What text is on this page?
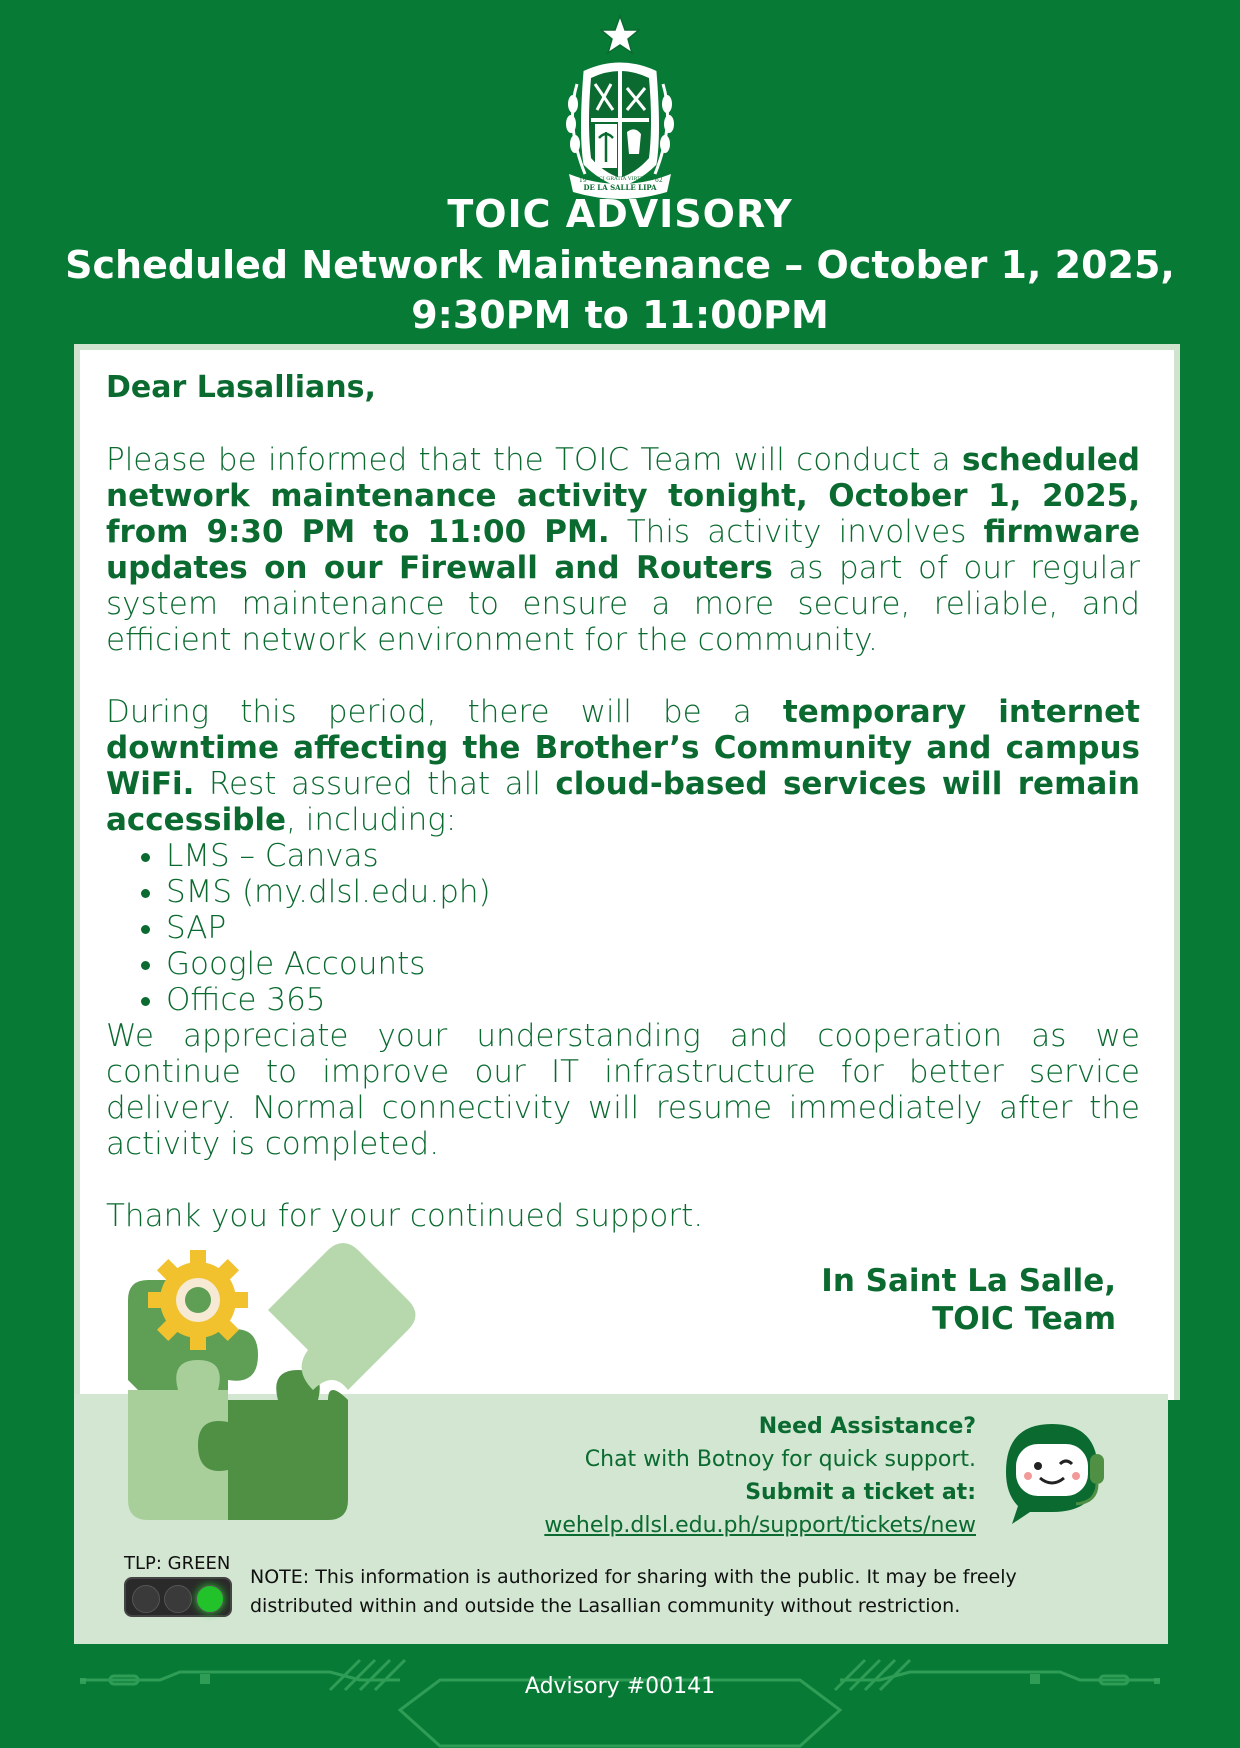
DE LA SALLE LIPA
INDICI GRATIA VIRTUTIS
19	62
TOIC ADVISORY
Scheduled Network Maintenance – October 1, 2025,
9:30PM to 11:00PM

Dear Lasallians,

Please be informed that the TOIC Team will conduct a scheduled network maintenance activity tonight, October 1, 2025, from 9:30 PM to 11:00 PM. This activity involves firmware updates on our Firewall and Routers as part of our regular system maintenance to ensure a more secure, reliable, and efficient network environment for the community.

During this period, there will be a temporary internet downtime affecting the Brother’s Community and campus WiFi. Rest assured that all cloud-based services will remain accessible, including:

• LMS – Canvas
• SMS (my.dlsl.edu.ph)
• SAP
• Google Accounts
• Office 365

We appreciate your understanding and cooperation as we continue to improve our IT infrastructure for better service delivery. Normal connectivity will resume immediately after the activity is completed.

Thank you for your continued support.

In Saint La Salle,
TOIC Team
Need Assistance?
Chat with Botnoy for quick support.
Submit a ticket at:
wehelp.dlsl.edu.ph/support/tickets/new
TLP: GREEN
NOTE: This information is authorized for sharing with the public. It may be freely distributed within and outside the Lasallian community without restriction.
Advisory #00141
